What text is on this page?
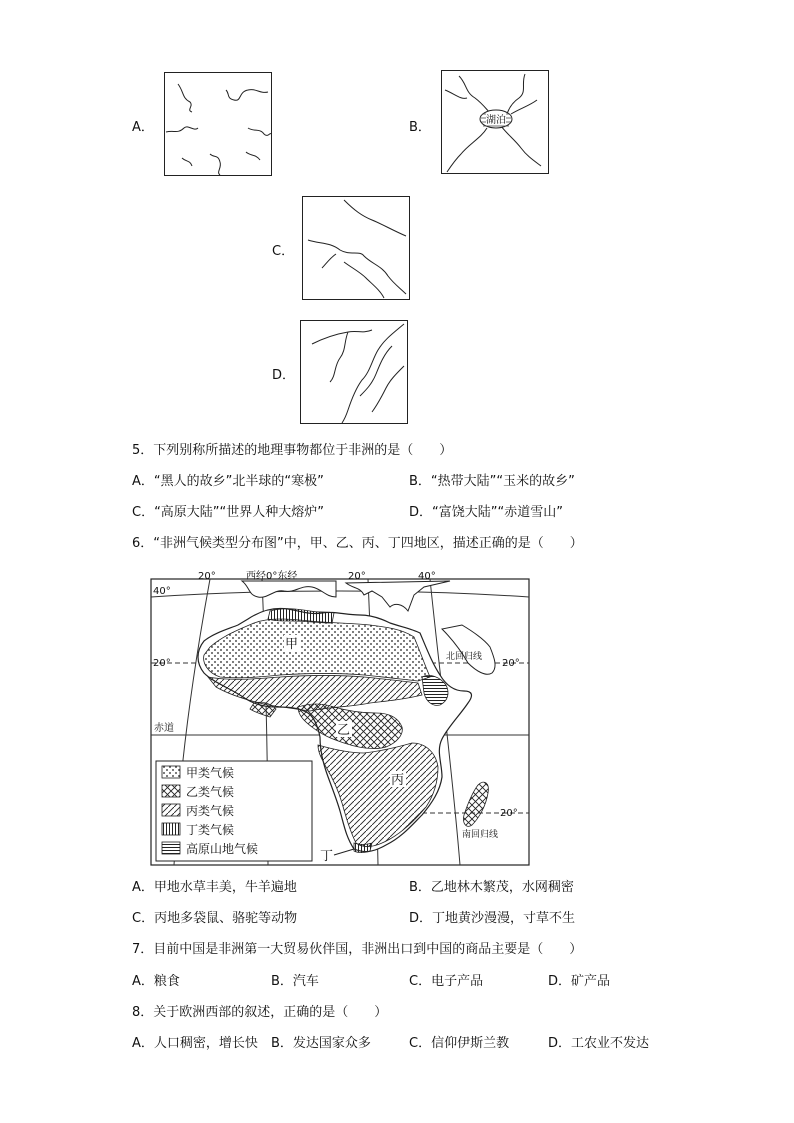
A．	B．	湖泊
C．
D．
5．下列别称所描述的地理事物都位于非洲的是（　　）
A．“黑人的故乡”北半球的“寒极”	B．“热带大陆”“玉米的故乡”
C．“高原大陆”“世界人种大熔炉”	D．“富饶大陆”“赤道雪山”
6．“非洲气候类型分布图”中，甲、乙、丙、丁四地区，描述正确的是（　　）
西经0°东经
20°	20°	40°
40°
20°	20°
北回归线
赤道
20°
南回归线
甲
乙
丙
丁
甲类气候
乙类气候
丙类气候
丁类气候
高原山地气候
A．甲地水草丰美，牛羊遍地	B．乙地林木繁茂，水网稠密
C．丙地多袋鼠、骆驼等动物	D．丁地黄沙漫漫，寸草不生
7．目前中国是非洲第一大贸易伙伴国，非洲出口到中国的商品主要是（　　）
A．粮食	B．汽车	C．电子产品	D．矿产品
8．关于欧洲西部的叙述，正确的是（　　）
A．人口稠密，增长快 B．发达国家众多	C．信仰伊斯兰教	D．工农业不发达
